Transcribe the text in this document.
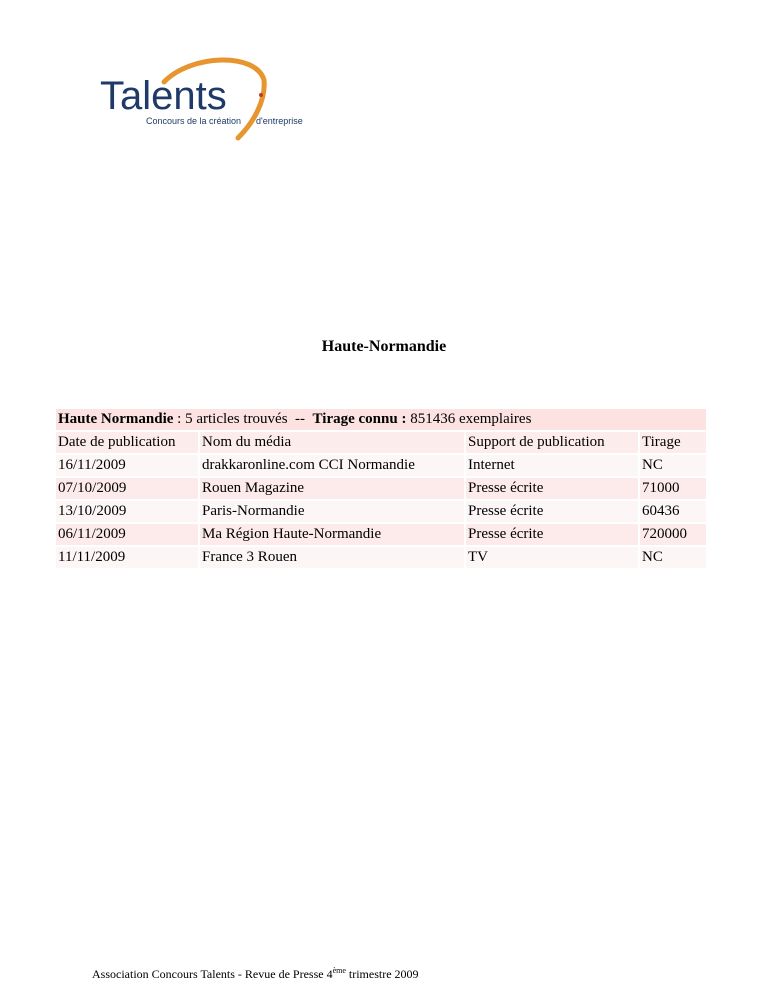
Talents
Concours de la création d'entreprise
Haute-Normandie
Haute Normandie : 5 articles trouvés  --  Tirage connu : 851436 exemplaires			
Date de publication	Nom du média	Support de publication	Tirage
16/11/2009	drakkaronline.com CCI Normandie	Internet	NC
07/10/2009	Rouen Magazine	Presse écrite	71000
13/10/2009	Paris-Normandie	Presse écrite	60436
06/11/2009	Ma Région Haute-Normandie	Presse écrite	720000
11/11/2009	France 3 Rouen	TV	NC
Association Concours Talents - Revue de Presse 4ème trimestre 2009
